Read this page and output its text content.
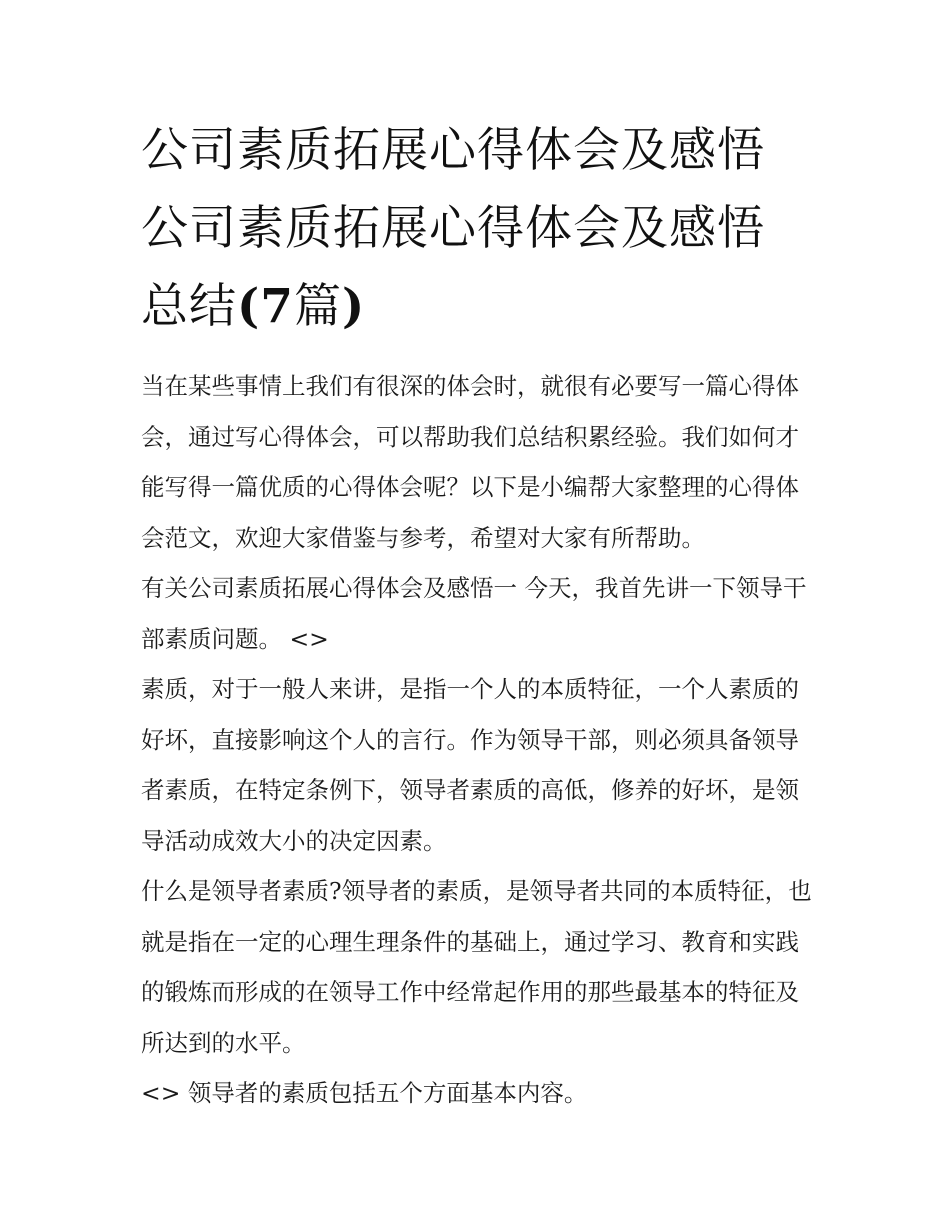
公司素质拓展心得体会及感悟
公司素质拓展心得体会及感悟
总结(7篇)

当在某些事情上我们有很深的体会时，就很有必要写一篇心得体会，通过写心得体会，可以帮助我们总结积累经验。我们如何才能写得一篇优质的心得体会呢？以下是小编帮大家整理的心得体会范文，欢迎大家借鉴与参考，希望对大家有所帮助。

有关公司素质拓展心得体会及感悟一 今天，我首先讲一下领导干部素质问题。 <>

素质，对于一般人来讲，是指一个人的本质特征，一个人素质的好坏，直接影响这个人的言行。作为领导干部，则必须具备领导者素质，在特定条例下，领导者素质的高低，修养的好坏，是领导活动成效大小的决定因素。

什么是领导者素质?领导者的素质，是领导者共同的本质特征，也就是指在一定的心理生理条件的基础上，通过学习、教育和实践的锻炼而形成的在领导工作中经常起作用的那些最基本的特征及所达到的水平。

<> 领导者的素质包括五个方面基本内容。
